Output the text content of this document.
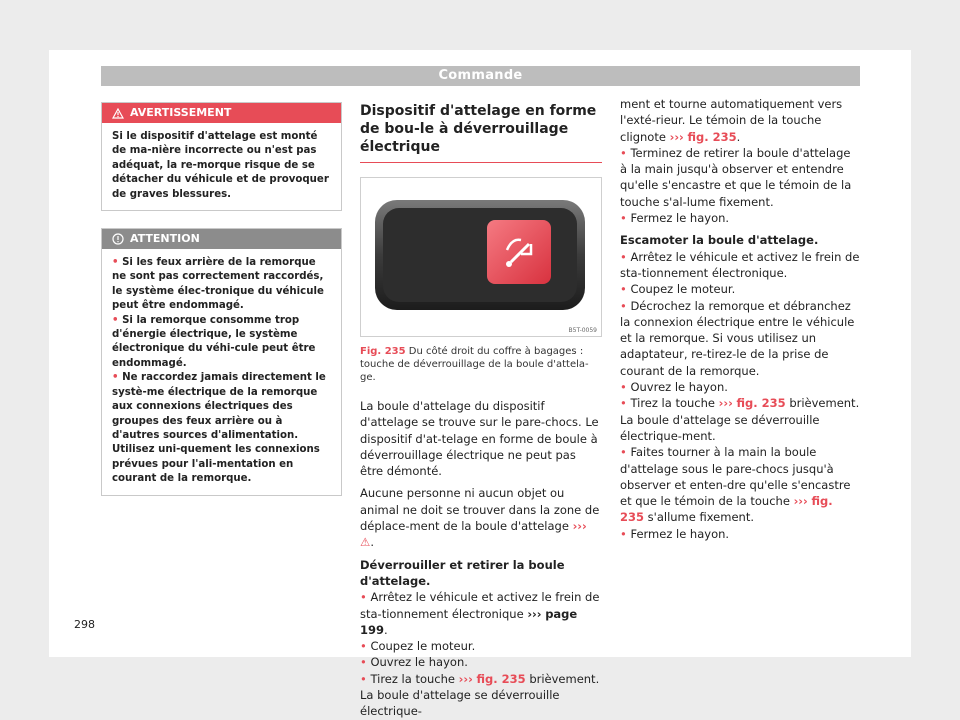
Commande
AVERTISSEMENT

Si le dispositif d'attelage est monté de ma-nière incorrecte ou n'est pas adéquat, la re-morque risque de se détacher du véhicule et de provoquer de graves blessures.

ATTENTION

• Si les feux arrière de la remorque ne sont pas correctement raccordés, le système élec-tronique du véhicule peut être endommagé.

• Si la remorque consomme trop d'énergie électrique, le système électronique du véhi-cule peut être endommagé.

• Ne raccordez jamais directement le systè-me électrique de la remorque aux connexions électriques des groupes des feux arrière ou à d'autres sources d'alimentation. Utilisez uni-quement les connexions prévues pour l'ali-mentation en courant de la remorque.

Dispositif d'attelage en forme de bou-le à déverrouillage électrique
B5T-0059
Fig. 235 Du côté droit du coffre à bagages : touche de déverrouillage de la boule d'attela-ge.

La boule d'attelage du dispositif d'attelage se trouve sur le pare-chocs. Le dispositif d'at-telage en forme de boule à déverrouillage électrique ne peut pas être démonté.

Aucune personne ni aucun objet ou animal ne doit se trouver dans la zone de déplace-ment de la boule d'attelage ››› ⚠.

Déverrouiller et retirer la boule d'attelage.

• Arrêtez le véhicule et activez le frein de sta-tionnement électronique ››› page 199.

• Coupez le moteur.

• Ouvrez le hayon.

• Tirez la touche ››› fig. 235 brièvement. La boule d'attelage se déverrouille électrique-

ment et tourne automatiquement vers l'exté-rieur. Le témoin de la touche clignote ››› fig. 235.

• Terminez de retirer la boule d'attelage à la main jusqu'à observer et entendre qu'elle s'encastre et que le témoin de la touche s'al-lume fixement.

• Fermez le hayon.

Escamoter la boule d'attelage.

• Arrêtez le véhicule et activez le frein de sta-tionnement électronique.

• Coupez le moteur.

• Décrochez la remorque et débranchez la connexion électrique entre le véhicule et la remorque. Si vous utilisez un adaptateur, re-tirez-le de la prise de courant de la remorque.

• Ouvrez le hayon.

• Tirez la touche ››› fig. 235 brièvement. La boule d'attelage se déverrouille électrique-ment.

• Faites tourner à la main la boule d'attelage sous le pare-chocs jusqu'à observer et enten-dre qu'elle s'encastre et que le témoin de la touche ››› fig. 235 s'allume fixement.

• Fermez le hayon.

298
